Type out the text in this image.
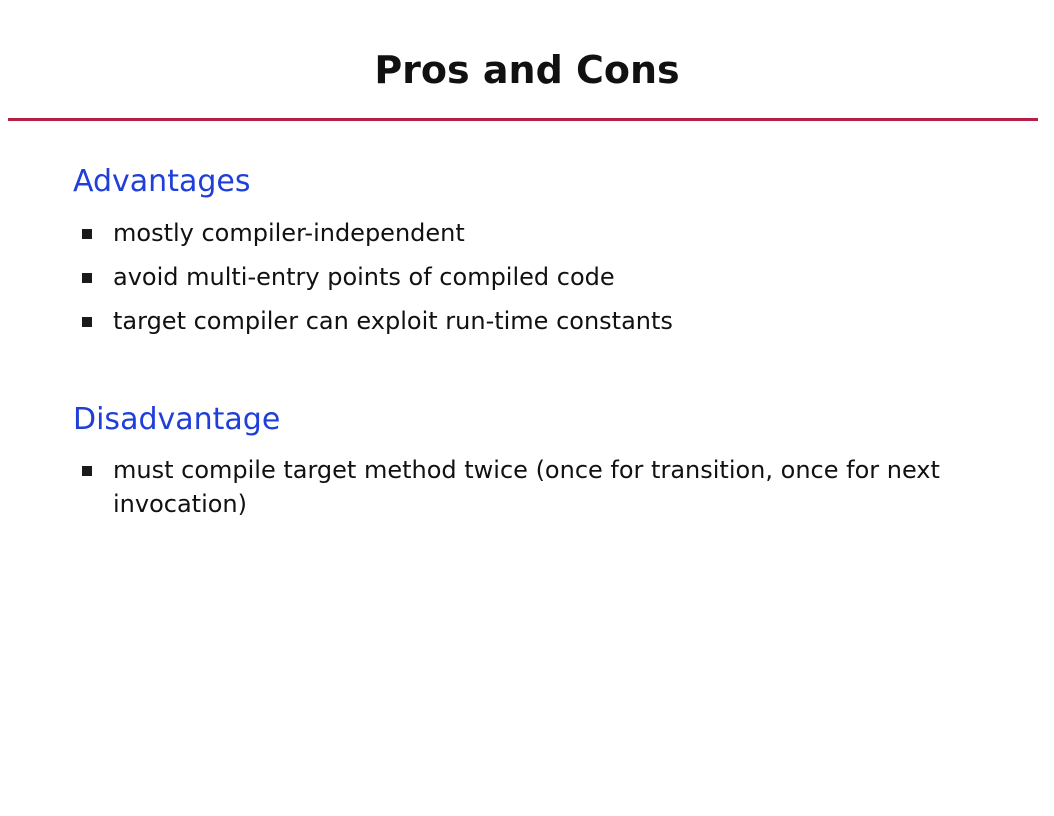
Pros and Cons
Advantages
mostly compiler-independent
avoid multi-entry points of compiled code
target compiler can exploit run-time constants
Disadvantage
must compile target method twice (once for transition, once for next invocation)
